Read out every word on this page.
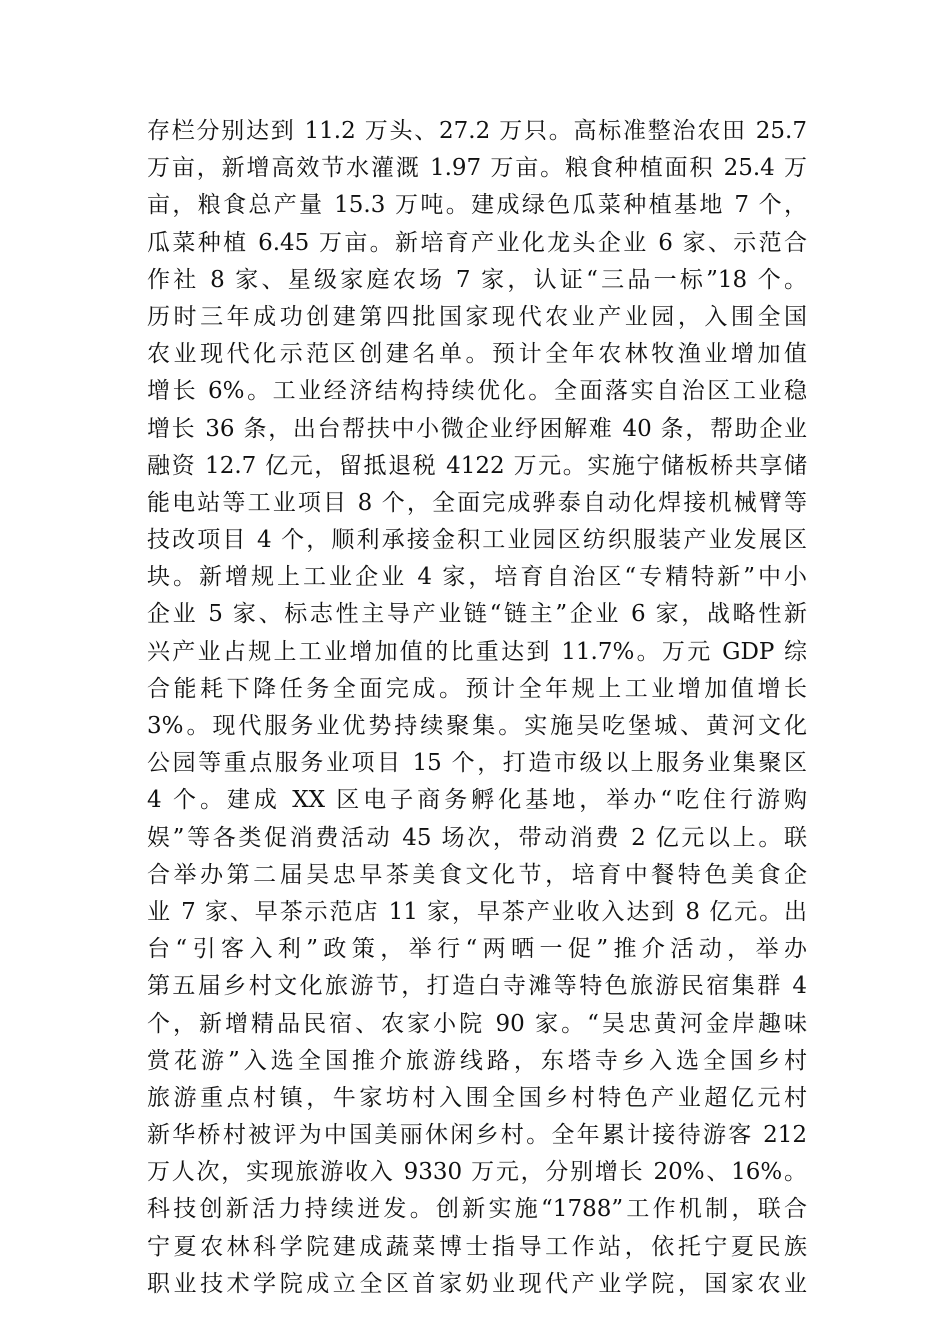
存栏分别达到 11.2 万头、27.2 万只。高标准整治农田 25.7
万亩，新增高效节水灌溉 1.97 万亩。粮食种植面积 25.4 万
亩，粮食总产量 15.3 万吨。建成绿色瓜菜种植基地 7 个，
瓜菜种植 6.45 万亩。新培育产业化龙头企业 6 家、示范合
作社 8 家、星级家庭农场 7 家，认证“三品一标”18 个。
历时三年成功创建第四批国家现代农业产业园，入围全国
农业现代化示范区创建名单。预计全年农林牧渔业增加值
增长 6%。工业经济结构持续优化。全面落实自治区工业稳
增长 36 条，出台帮扶中小微企业纾困解难 40 条，帮助企业
融资 12.7 亿元，留抵退税 4122 万元。实施宁储板桥共享储
能电站等工业项目 8 个，全面完成骅泰自动化焊接机械臂等
技改项目 4 个，顺利承接金积工业园区纺织服装产业发展区
块。新增规上工业企业 4 家，培育自治区“专精特新”中小
企业 5 家、标志性主导产业链“链主”企业 6 家，战略性新
兴产业占规上工业增加值的比重达到 11.7%。万元 GDP 综
合能耗下降任务全面完成。预计全年规上工业增加值增长
3%。现代服务业优势持续聚集。实施吴吃堡城、黄河文化
公园等重点服务业项目 15 个，打造市级以上服务业集聚区
4 个。建成 XX 区电子商务孵化基地，举办“吃住行游购
娱”等各类促消费活动 45 场次，带动消费 2 亿元以上。联
合举办第二届吴忠早茶美食文化节，培育中餐特色美食企
业 7 家、早茶示范店 11 家，早茶产业收入达到 8 亿元。出
台“引客入利”政策，举行“两晒一促”推介活动，举办
第五届乡村文化旅游节，打造白寺滩等特色旅游民宿集群 4
个，新增精品民宿、农家小院 90 家。“吴忠黄河金岸趣味
赏花游”入选全国推介旅游线路，东塔寺乡入选全国乡村
旅游重点村镇，牛家坊村入围全国乡村特色产业超亿元村
新华桥村被评为中国美丽休闲乡村。全年累计接待游客 212
万人次，实现旅游收入 9330 万元，分别增长 20%、16%。
科技创新活力持续迸发。创新实施“1788”工作机制，联合
宁夏农林科学院建成蔬菜博士指导工作站，依托宁夏民族
职业技术学院成立全区首家奶业现代产业学院，国家农业
